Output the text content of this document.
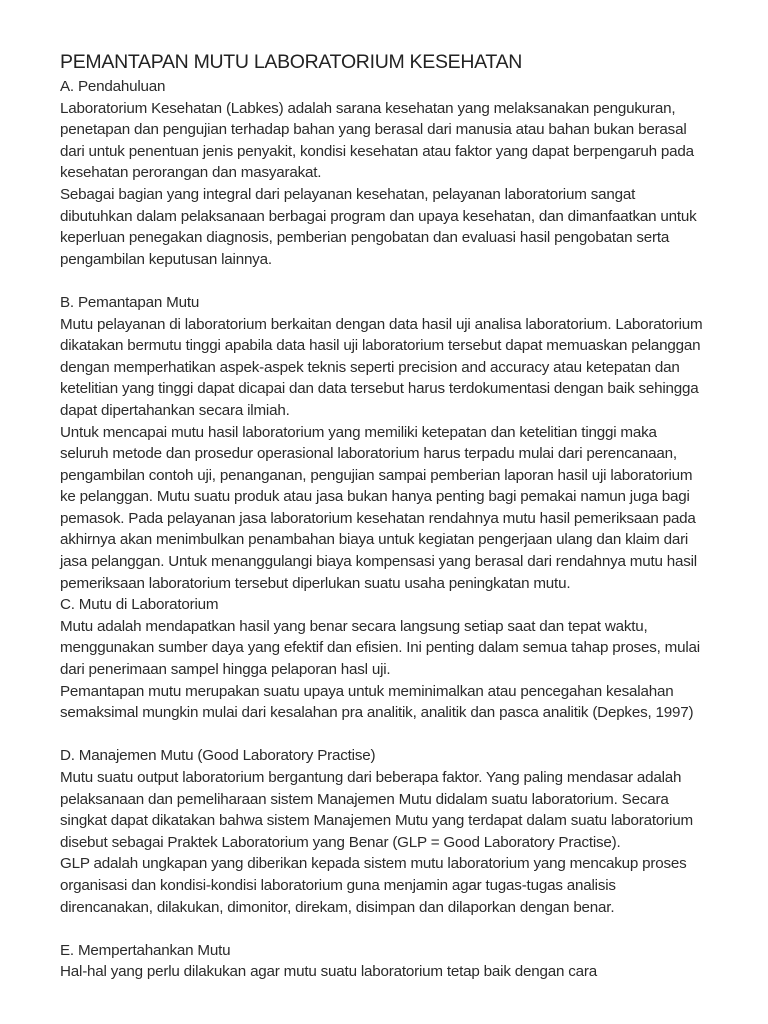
PEMANTAPAN MUTU LABORATORIUM KESEHATAN
A. Pendahuluan
Laboratorium Kesehatan (Labkes) adalah sarana kesehatan yang melaksanakan pengukuran,
penetapan dan pengujian terhadap bahan yang berasal dari manusia atau bahan bukan berasal
dari untuk penentuan jenis penyakit, kondisi kesehatan atau faktor yang dapat berpengaruh pada
kesehatan perorangan dan masyarakat.
Sebagai bagian yang integral dari pelayanan kesehatan, pelayanan laboratorium sangat
dibutuhkan dalam pelaksanaan berbagai program dan upaya kesehatan, dan dimanfaatkan untuk
keperluan penegakan diagnosis, pemberian pengobatan dan evaluasi hasil pengobatan serta
pengambilan keputusan lainnya.
B. Pemantapan Mutu
Mutu pelayanan di laboratorium berkaitan dengan data hasil uji analisa laboratorium. Laboratorium
dikatakan bermutu tinggi apabila data hasil uji laboratorium tersebut dapat memuaskan pelanggan
dengan memperhatikan aspek-aspek teknis seperti precision and accuracy atau ketepatan dan
ketelitian yang tinggi dapat dicapai dan data tersebut harus terdokumentasi dengan baik sehingga
dapat dipertahankan secara ilmiah.
Untuk mencapai mutu hasil laboratorium yang memiliki ketepatan dan ketelitian tinggi maka
seluruh metode dan prosedur operasional laboratorium harus terpadu mulai dari perencanaan,
pengambilan contoh uji, penanganan, pengujian sampai pemberian laporan hasil uji laboratorium
ke pelanggan. Mutu suatu produk atau jasa bukan hanya penting bagi pemakai namun juga bagi
pemasok. Pada pelayanan jasa laboratorium kesehatan rendahnya mutu hasil pemeriksaan pada
akhirnya akan menimbulkan penambahan biaya untuk kegiatan pengerjaan ulang dan klaim dari
jasa pelanggan. Untuk menanggulangi biaya kompensasi yang berasal dari rendahnya mutu hasil
pemeriksaan laboratorium tersebut diperlukan suatu usaha peningkatan mutu.
C. Mutu di Laboratorium
Mutu adalah mendapatkan hasil yang benar secara langsung setiap saat dan tepat waktu,
menggunakan sumber daya yang efektif dan efisien. Ini penting dalam semua tahap proses, mulai
dari penerimaan sampel hingga pelaporan hasl uji.
Pemantapan mutu merupakan suatu upaya untuk meminimalkan atau pencegahan kesalahan
semaksimal mungkin mulai dari kesalahan pra analitik, analitik dan pasca analitik (Depkes, 1997)
D. Manajemen Mutu (Good Laboratory Practise)
Mutu suatu output laboratorium bergantung dari beberapa faktor. Yang paling mendasar adalah
pelaksanaan dan pemeliharaan sistem Manajemen Mutu didalam suatu laboratorium. Secara
singkat dapat dikatakan bahwa sistem Manajemen Mutu yang terdapat dalam suatu laboratorium
disebut sebagai Praktek Laboratorium yang Benar (GLP = Good Laboratory Practise).
GLP adalah ungkapan yang diberikan kepada sistem mutu laboratorium yang mencakup proses
organisasi dan kondisi-kondisi laboratorium guna menjamin agar tugas-tugas analisis
direncanakan, dilakukan, dimonitor, direkam, disimpan dan dilaporkan dengan benar.
E. Mempertahankan Mutu
Hal-hal yang perlu dilakukan agar mutu suatu laboratorium tetap baik dengan cara
